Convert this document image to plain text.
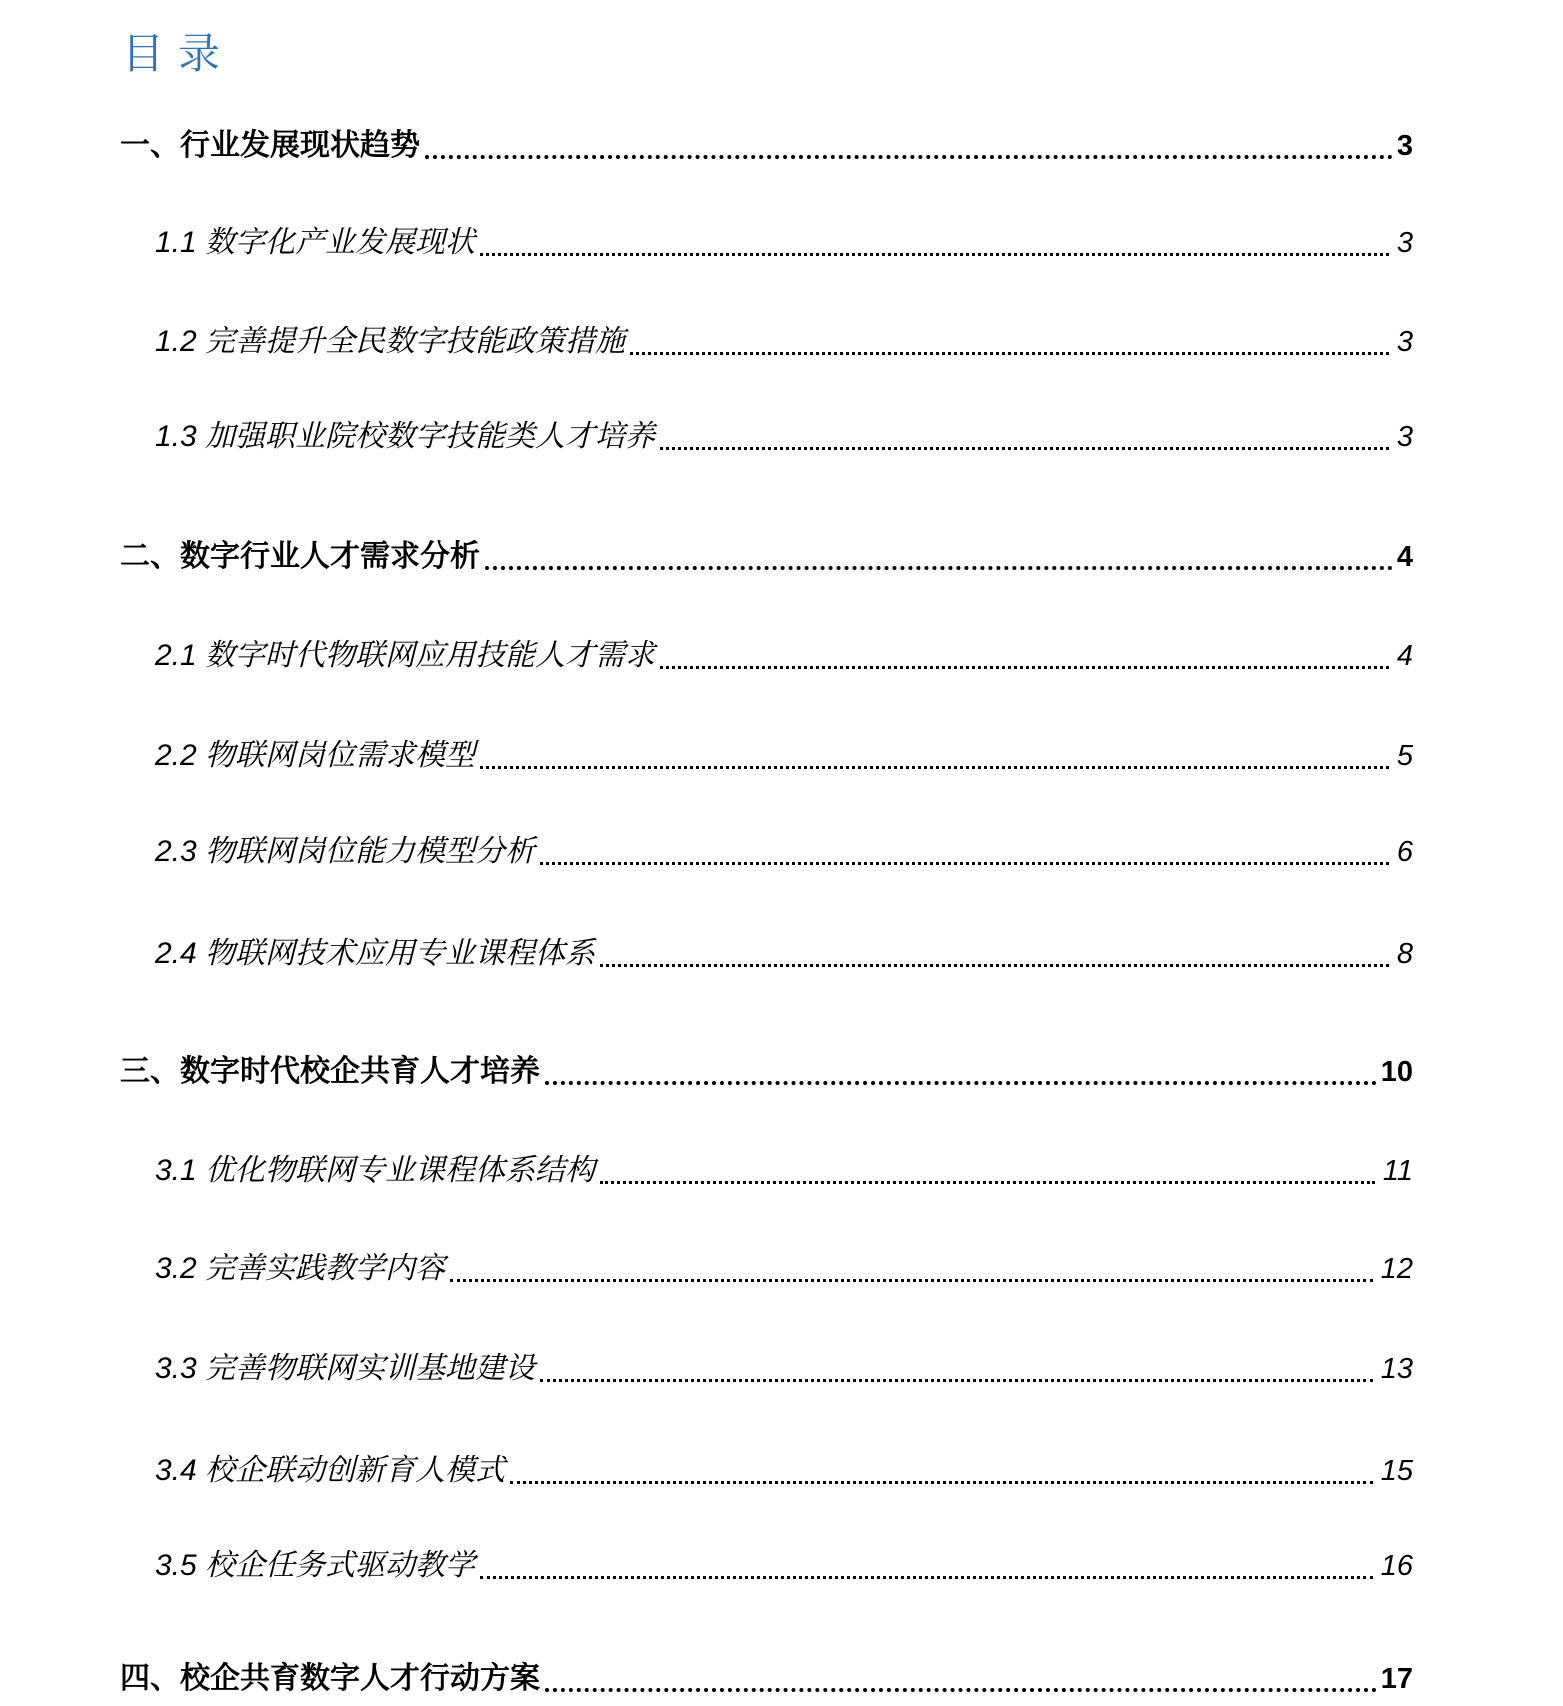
目录
一、行业发展现状趋势	3
1.1 数字化产业发展现状	3
1.2 完善提升全民数字技能政策措施	3
1.3 加强职业院校数字技能类人才培养	3
二、数字行业人才需求分析	4
2.1 数字时代物联网应用技能人才需求	4
2.2 物联网岗位需求模型	5
2.3 物联网岗位能力模型分析	6
2.4 物联网技术应用专业课程体系	8
三、数字时代校企共育人才培养	10
3.1 优化物联网专业课程体系结构	11
3.2 完善实践教学内容	12
3.3 完善物联网实训基地建设	13
3.4 校企联动创新育人模式	15
3.5 校企任务式驱动教学	16
四、校企共育数字人才行动方案	17
